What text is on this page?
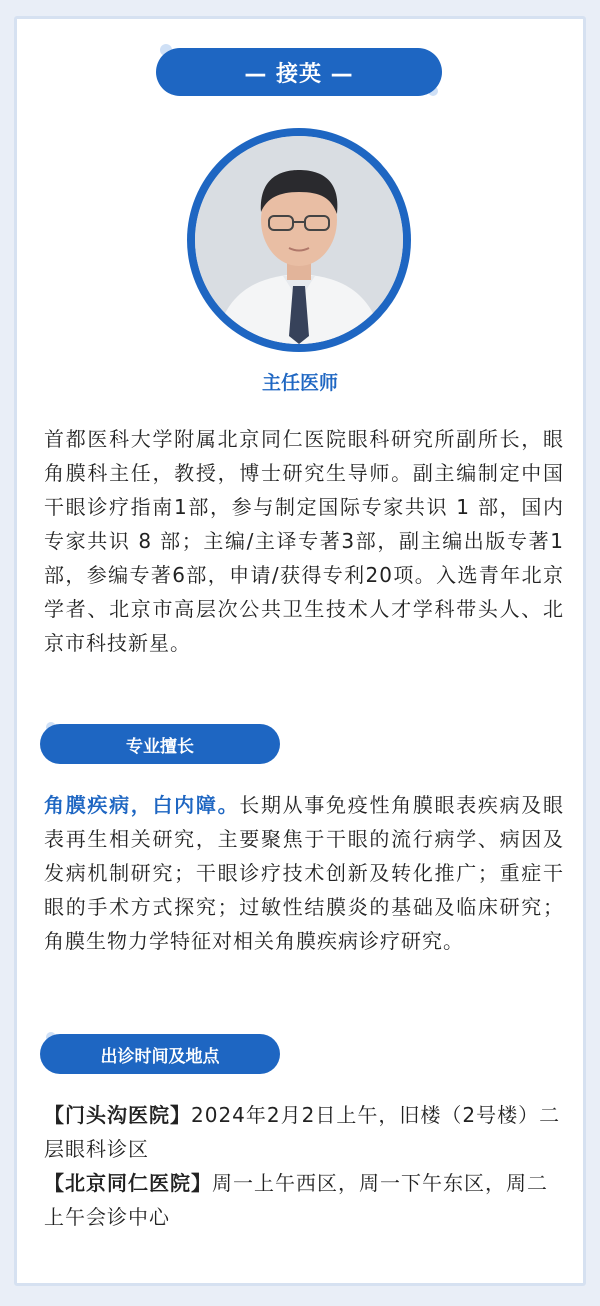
— 接英 —
主任医师

首都医科大学附属北京同仁医院眼科研究所副所长，眼角膜科主任，教授，博士研究生导师。副主编制定中国干眼诊疗指南1部，参与制定国际专家共识 1 部，国内专家共识 8 部；主编/主译专著3部，副主编出版专著1部，参编专著6部，申请/获得专利20项。入选青年北京学者、北京市高层次公共卫生技术人才学科带头人、北京市科技新星。

专业擅长

角膜疾病，白内障。长期从事免疫性角膜眼表疾病及眼表再生相关研究，主要聚焦于干眼的流行病学、病因及发病机制研究；干眼诊疗技术创新及转化推广；重症干眼的手术方式探究；过敏性结膜炎的基础及临床研究；角膜生物力学特征对相关角膜疾病诊疗研究。

出诊时间及地点

【门头沟医院】2024年2月2日上午，旧楼（2号楼）二层眼科诊区

【北京同仁医院】周一上午西区，周一下午东区，周二上午会诊中心
